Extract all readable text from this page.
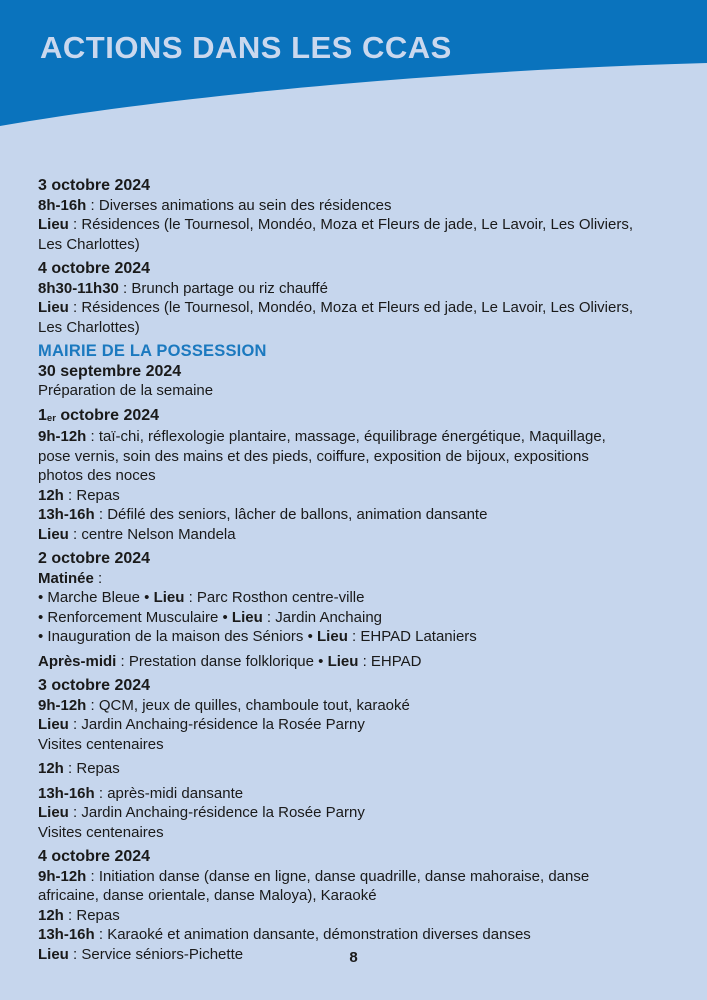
ACTIONS DANS LES CCAS
3 octobre 2024
8h-16h : Diverses animations au sein des résidences
Lieu : Résidences (le Tournesol, Mondéo, Moza et Fleurs de jade, Le Lavoir, Les Oliviers,
Les Charlottes)
4 octobre 2024
8h30-11h30 : Brunch partage ou riz chauffé
Lieu : Résidences (le Tournesol, Mondéo, Moza et Fleurs ed jade, Le Lavoir, Les Oliviers,
Les Charlottes)
MAIRIE DE LA POSSESSION
30 septembre 2024
Préparation de la semaine
1er octobre 2024
9h-12h : taï-chi, réflexologie plantaire, massage, équilibrage énergétique, Maquillage,
pose vernis, soin des mains et des pieds, coiffure, exposition de bijoux, expositions
photos des noces
12h : Repas
13h-16h : Défilé des seniors, lâcher de ballons, animation dansante
Lieu : centre Nelson Mandela
2 octobre 2024
Matinée :
• Marche Bleue • Lieu : Parc Rosthon centre-ville
• Renforcement Musculaire • Lieu : Jardin Anchaing
• Inauguration de la maison des Séniors • Lieu : EHPAD Lataniers
Après-midi : Prestation danse folklorique • Lieu : EHPAD
3 octobre 2024
9h-12h : QCM, jeux de quilles, chamboule tout, karaoké
Lieu : Jardin Anchaing-résidence la Rosée Parny
Visites centenaires
12h : Repas
13h-16h : après-midi dansante
Lieu : Jardin Anchaing-résidence la Rosée Parny
Visites centenaires
4 octobre 2024
9h-12h : Initiation danse (danse en ligne, danse quadrille, danse mahoraise, danse
africaine, danse orientale, danse Maloya), Karaoké
12h : Repas
13h-16h : Karaoké et animation dansante, démonstration diverses danses
Lieu : Service séniors-Pichette	8
